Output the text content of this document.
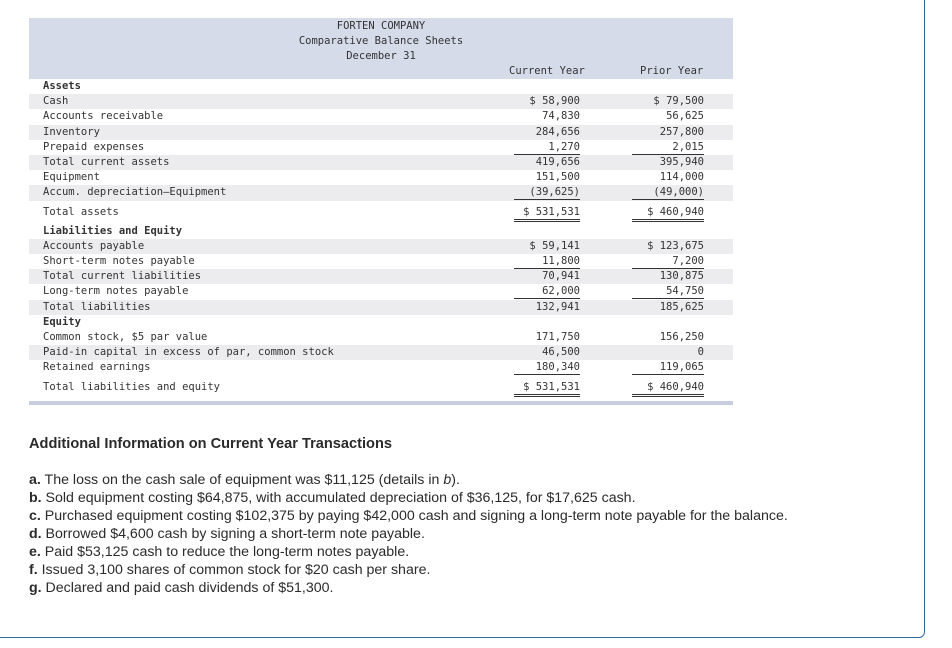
FORTEN COMPANY
Comparative Balance Sheets
December 31
Current Year	Prior Year
Assets
Cash	$ 58,900	$ 79,500
Accounts receivable	74,830	56,625
Inventory	284,656	257,800
Prepaid expenses	1,270	2,015
Total current assets	419,656	395,940
Equipment	151,500	114,000
Accum. depreciation—Equipment	(39,625)	(49,000)
Total assets	$ 531,531	$ 460,940
Liabilities and Equity
Accounts payable	$ 59,141	$ 123,675
Short-term notes payable	11,800	7,200
Total current liabilities	70,941	130,875
Long-term notes payable	62,000	54,750
Total liabilities	132,941	185,625
Equity
Common stock, $5 par value	171,750	156,250
Paid-in capital in excess of par, common stock	46,500	0
Retained earnings	180,340	119,065
Total liabilities and equity	$ 531,531	$ 460,940
Additional Information on Current Year Transactions

a. The loss on the cash sale of equipment was $11,125 (details in b).

b. Sold equipment costing $64,875, with accumulated depreciation of $36,125, for $17,625 cash.

c. Purchased equipment costing $102,375 by paying $42,000 cash and signing a long-term note payable for the balance.

d. Borrowed $4,600 cash by signing a short-term note payable.

e. Paid $53,125 cash to reduce the long-term notes payable.

f. Issued 3,100 shares of common stock for $20 cash per share.

g. Declared and paid cash dividends of $51,300.
